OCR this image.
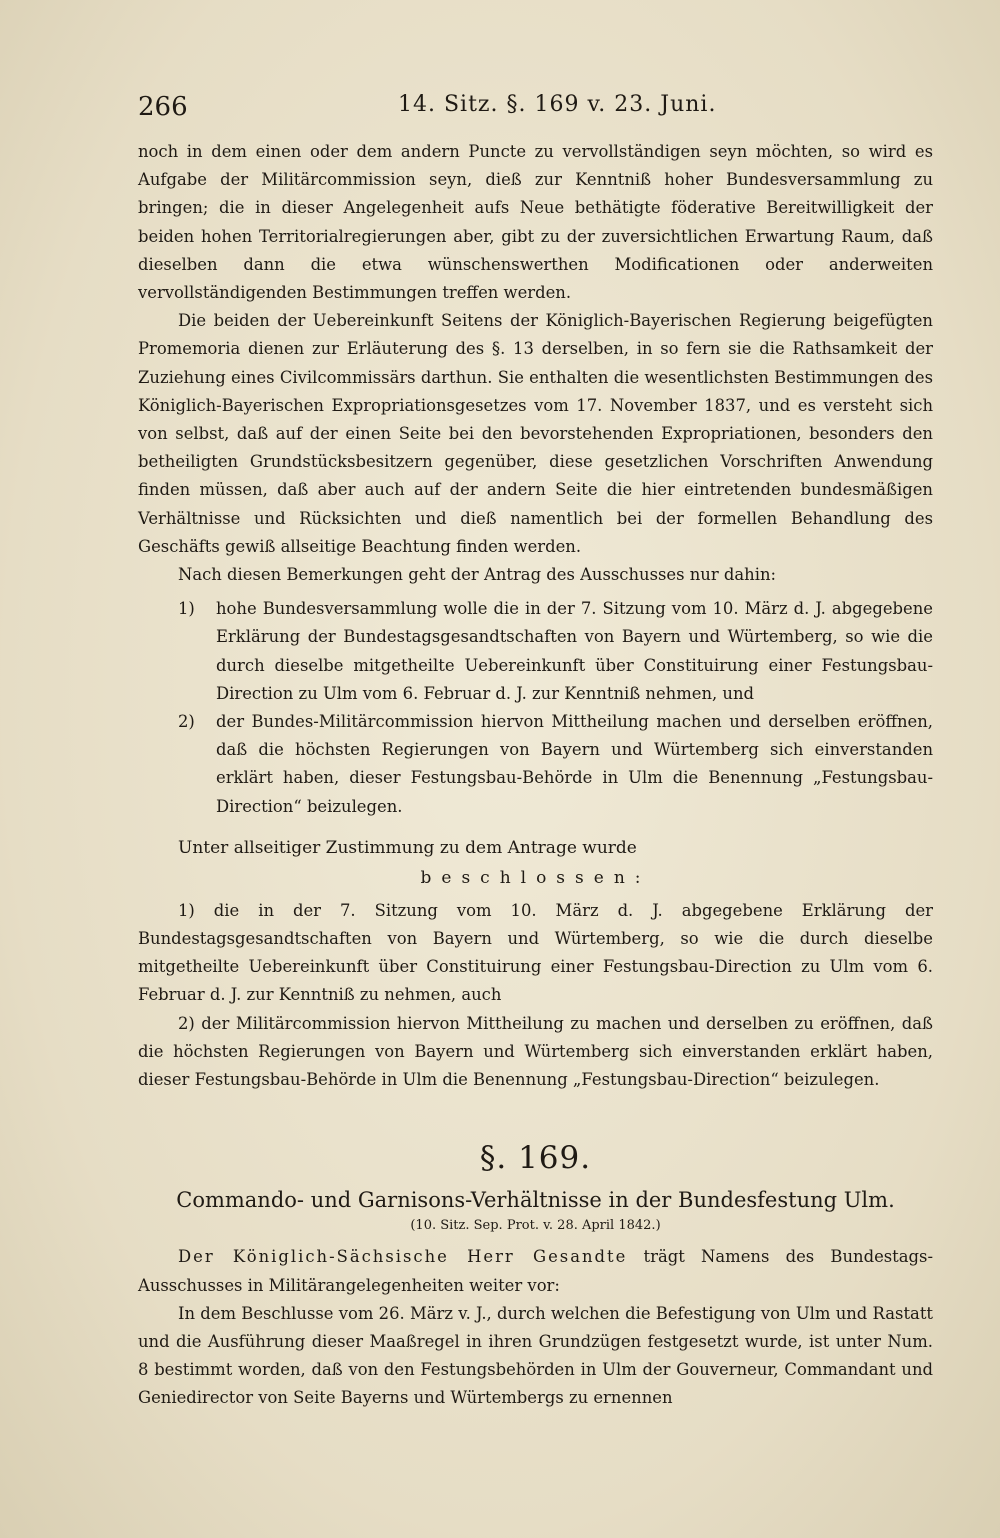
266	14. Sitz. §. 169 v. 23. Juni.

noch in dem einen oder dem andern Puncte zu vervollständigen seyn möchten, so wird es Aufgabe der Militärcommission seyn, dieß zur Kenntniß hoher Bundesversammlung zu bringen; die in dieser Angelegenheit aufs Neue bethätigte föderative Bereitwilligkeit der beiden hohen Territorialregierungen aber, gibt zu der zuversichtlichen Erwartung Raum, daß dieselben dann die etwa wünschenswerthen Modificationen oder anderweiten vervollständigenden Bestimmungen treffen werden.

Die beiden der Uebereinkunft Seitens der Königlich-Bayerischen Regierung beigefügten Promemoria dienen zur Erläuterung des §. 13 derselben, in so fern sie die Rathsamkeit der Zuziehung eines Civilcommissärs darthun. Sie enthalten die wesentlichsten Bestimmungen des Königlich-Bayerischen Expropriationsgesetzes vom 17. November 1837, und es versteht sich von selbst, daß auf der einen Seite bei den bevorstehenden Expropriationen, besonders den betheiligten Grundstücksbesitzern gegenüber, diese gesetzlichen Vorschriften Anwendung finden müssen, daß aber auch auf der andern Seite die hier eintretenden bundesmäßigen Verhältnisse und Rücksichten und dieß namentlich bei der formellen Behandlung des Geschäfts gewiß allseitige Beachtung finden werden.

Nach diesen Bemerkungen geht der Antrag des Ausschusses nur dahin:

1) hohe Bundesversammlung wolle die in der 7. Sitzung vom 10. März d. J. abgegebene Erklärung der Bundestagsgesandtschaften von Bayern und Würtemberg, so wie die durch dieselbe mitgetheilte Uebereinkunft über Constituirung einer Festungsbau-Direction zu Ulm vom 6. Februar d. J. zur Kenntniß nehmen, und

2) der Bundes-Militärcommission hiervon Mittheilung machen und derselben eröffnen, daß die höchsten Regierungen von Bayern und Würtemberg sich einverstanden erklärt haben, dieser Festungsbau-Behörde in Ulm die Benennung „Festungsbau-Direction“ beizulegen.

Unter allseitiger Zustimmung zu dem Antrage wurde

beschlossen:

1) die in der 7. Sitzung vom 10. März d. J. abgegebene Erklärung der Bundestagsgesandtschaften von Bayern und Würtemberg, so wie die durch dieselbe mitgetheilte Uebereinkunft über Constituirung einer Festungsbau-Direction zu Ulm vom 6. Februar d. J. zur Kenntniß zu nehmen, auch

2) der Militärcommission hiervon Mittheilung zu machen und derselben zu eröffnen, daß die höchsten Regierungen von Bayern und Würtemberg sich einverstanden erklärt haben, dieser Festungsbau-Behörde in Ulm die Benennung „Festungsbau-Direction“ beizulegen.

§. 169.
Commando- und Garnisons-Verhältnisse in der Bundesfestung Ulm.
(10. Sitz. Sep. Prot. v. 28. April 1842.)

Der Königlich-Sächsische Herr Gesandte trägt Namens des Bundestags-Ausschusses in Militärangelegenheiten weiter vor:

In dem Beschlusse vom 26. März v. J., durch welchen die Befestigung von Ulm und Rastatt und die Ausführung dieser Maaßregel in ihren Grundzügen festgesetzt wurde, ist unter Num. 8 bestimmt worden, daß von den Festungsbehörden in Ulm der Gouverneur, Commandant und Geniedirector von Seite Bayerns und Würtembergs zu ernennen
